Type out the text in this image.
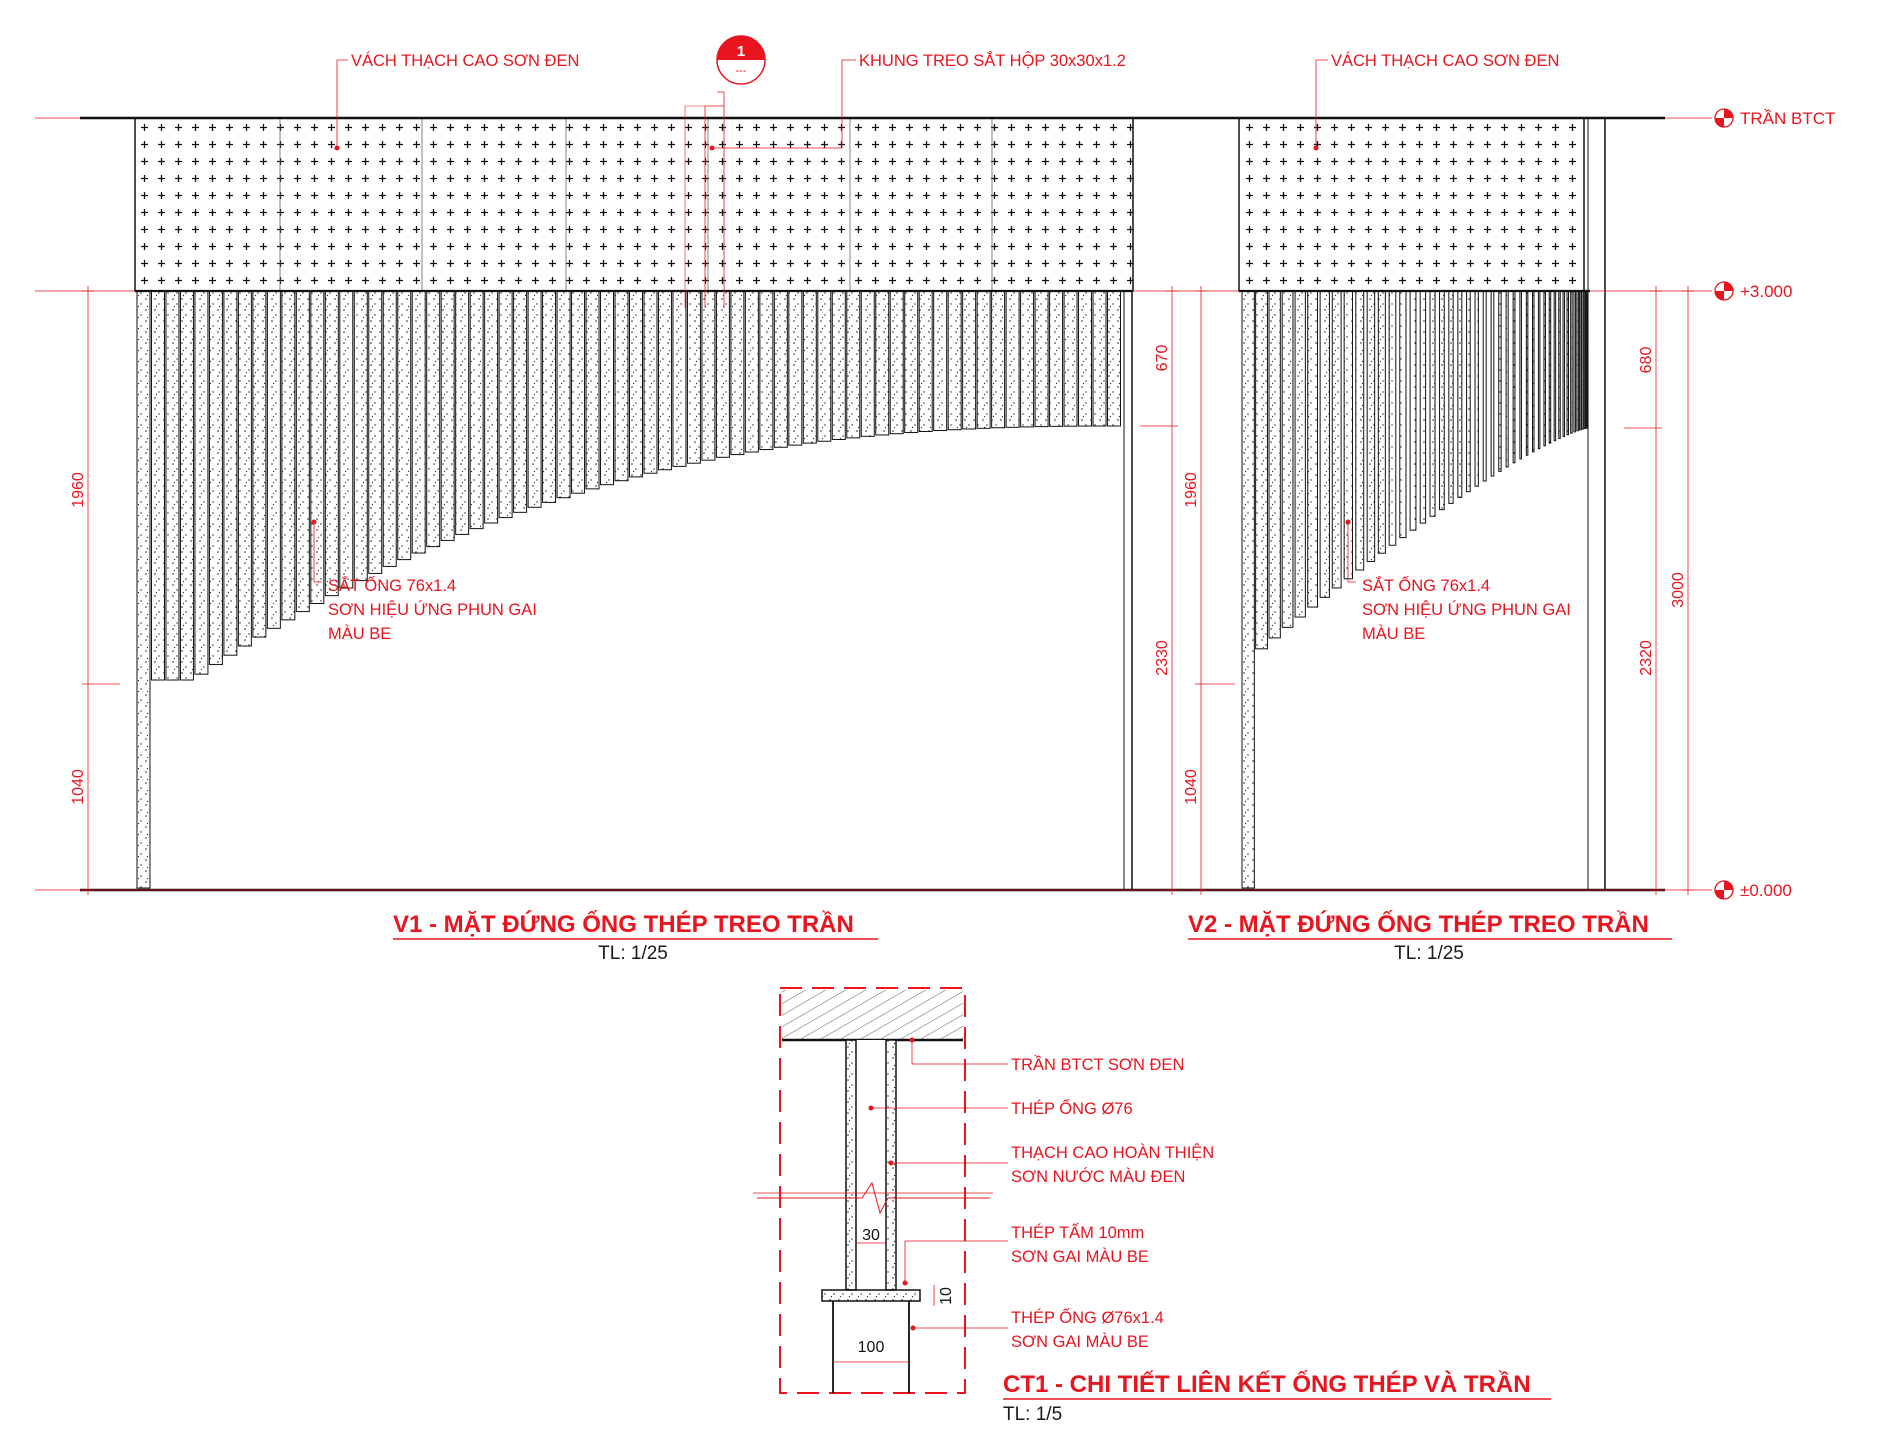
TRẦN BTCT
+3.000
±0.000
1
---
VÁCH THẠCH CAO SƠN ĐEN	KHUNG TREO SẮT HỘP 30x30x1.2	VÁCH THẠCH CAO SƠN ĐEN
SẮT ỐNG 76x1.4
SƠN HIỆU ỨNG PHUN GAI
MÀU BE
SẮT ỐNG 76x1.4
SƠN HIỆU ỨNG PHUN GAI
MÀU BE
1960
1040
670
2330
1960
1040
680
2320
3000
V1 - MẶT ĐỨNG ỐNG THÉP TREO TRẦN
TL: 1/25
V2 - MẶT ĐỨNG ỐNG THÉP TREO TRẦN
TL: 1/25
30
100
10
TRẦN BTCT SƠN ĐEN
THÉP ỐNG Ø76
THẠCH CAO HOÀN THIỆN
SƠN NƯỚC MÀU ĐEN
THÉP TẤM 10mm
SƠN GAI MÀU BE
THÉP ỐNG Ø76x1.4
SƠN GAI MÀU BE
CT1 - CHI TIẾT LIÊN KẾT ỐNG THÉP VÀ TRẦN
TL: 1/5
